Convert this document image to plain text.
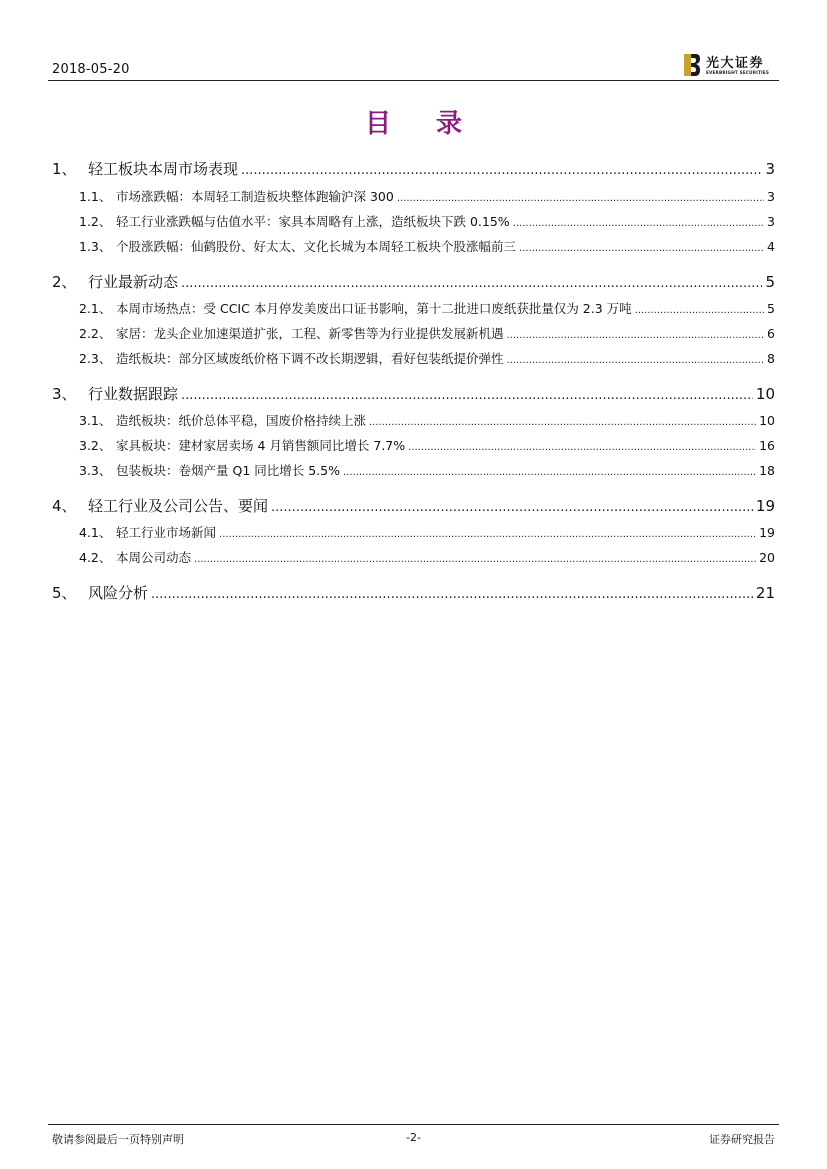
2018-05-20	光大证券
EVERBRIGHT SECURITIES
目 录
1、 轻工板块本周市场表现 .....	3
1.1、 市场涨跌幅：本周轻工制造板块整体跑输沪深 300 .....	3
1.2、 轻工行业涨跌幅与估值水平：家具本周略有上涨，造纸板块下跌 0.15% .....	3
1.3、 个股涨跌幅：仙鹤股份、好太太、文化长城为本周轻工板块个股涨幅前三 .....	4
2、 行业最新动态 .....	5
2.1、 本周市场热点：受 CCIC 本月停发美废出口证书影响，第十二批进口废纸获批量仅为 2.3 万吨 .....	5
2.2、 家居：龙头企业加速渠道扩张，工程、新零售等为行业提供发展新机遇 .....	6
2.3、 造纸板块：部分区域废纸价格下调不改长期逻辑，看好包装纸提价弹性 .....	8
3、 行业数据跟踪 .....	10
3.1、 造纸板块：纸价总体平稳，国废价格持续上涨 .....	10
3.2、 家具板块：建材家居卖场 4 月销售额同比增长 7.7% .....	16
3.3、 包装板块：卷烟产量 Q1 同比增长 5.5% .....	18
4、 轻工行业及公司公告、要闻 .....	19
4.1、 轻工行业市场新闻 .....	19
4.2、 本周公司动态 .....	20
5、 风险分析 .....	21
敬请参阅最后一页特别声明	-2-	证券研究报告
